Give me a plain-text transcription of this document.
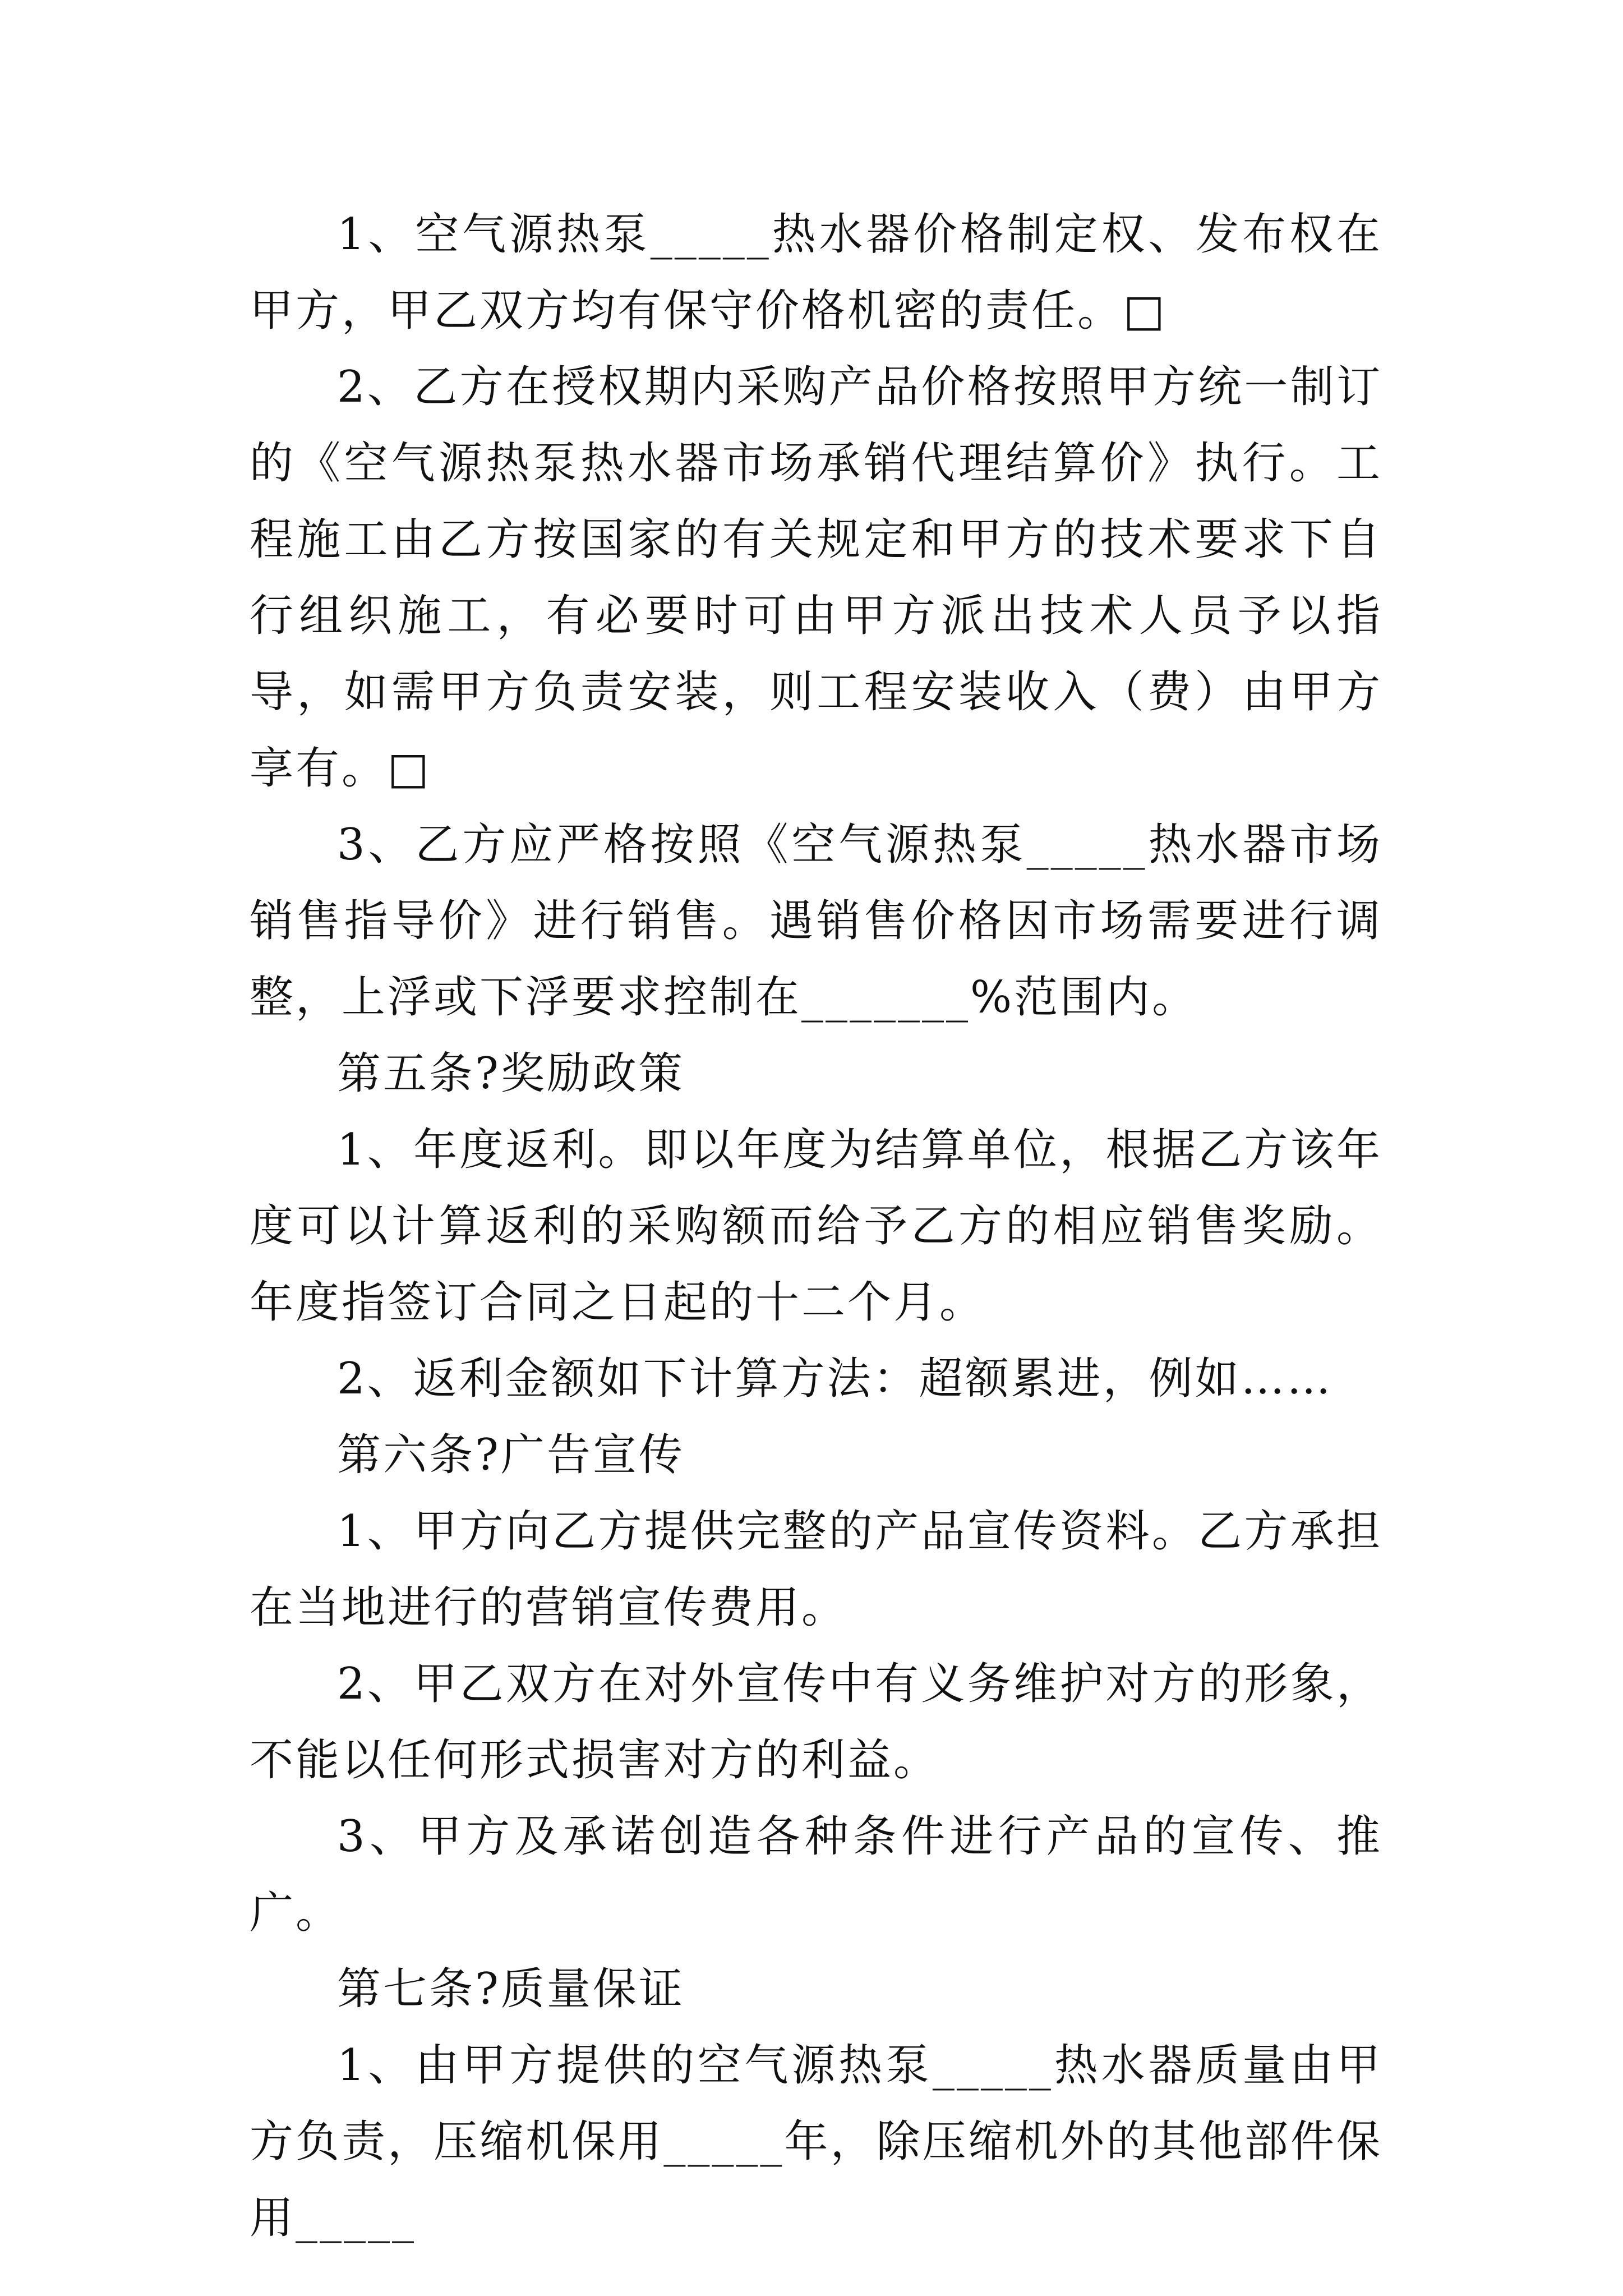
1、空气源热泵_____热水器价格制定权、发布权在甲方，甲乙双方均有保守价格机密的责任。□

2、乙方在授权期内采购产品价格按照甲方统一制订的《空气源热泵热水器市场承销代理结算价》执行。工程施工由乙方按国家的有关规定和甲方的技术要求下自行组织施工，有必要时可由甲方派出技术人员予以指导，如需甲方负责安装，则工程安装收入（费）由甲方享有。□

3、乙方应严格按照《空气源热泵_____热水器市场销售指导价》进行销售。遇销售价格因市场需要进行调整，上浮或下浮要求控制在_______%范围内。

第五条?奖励政策

1、年度返利。即以年度为结算单位，根据乙方该年度可以计算返利的采购额而给予乙方的相应销售奖励。年度指签订合同之日起的十二个月。

2、返利金额如下计算方法：超额累进，例如……

第六条?广告宣传

1、甲方向乙方提供完整的产品宣传资料。乙方承担在当地进行的营销宣传费用。

2、甲乙双方在对外宣传中有义务维护对方的形象，不能以任何形式损害对方的利益。

3、甲方及承诺创造各种条件进行产品的宣传、推广。

第七条?质量保证

1、由甲方提供的空气源热泵_____热水器质量由甲方负责，压缩机保用_____年，除压缩机外的其他部件保用_____
